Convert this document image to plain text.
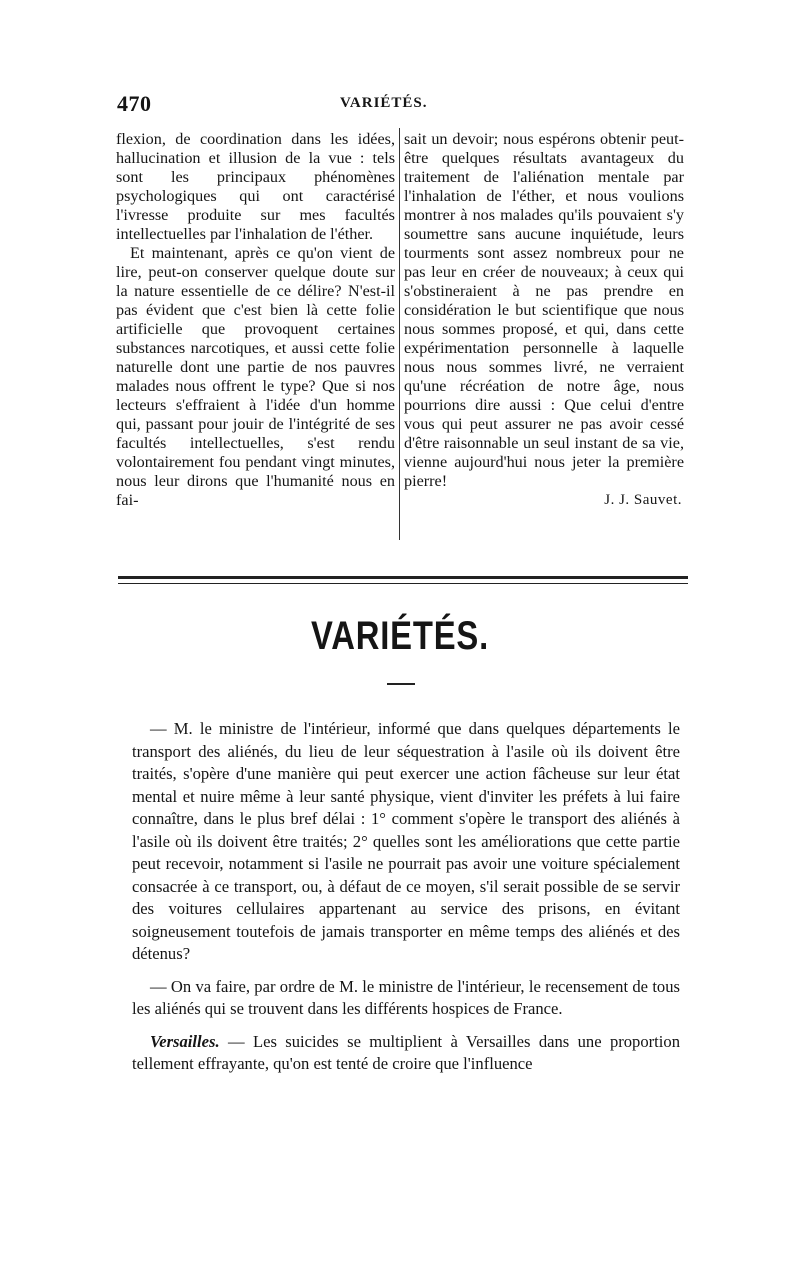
470	VARIÉTÉS.

flexion, de coordination dans les idées, hallucination et illusion de la vue : tels sont les principaux phénomènes psychologiques qui ont caractérisé l'ivresse produite sur mes facultés intellectuelles par l'inhalation de l'éther.

Et maintenant, après ce qu'on vient de lire, peut-on conserver quelque doute sur la nature essentielle de ce délire? N'est-il pas évident que c'est bien là cette folie artificielle que provoquent certaines substances narcotiques, et aussi cette folie naturelle dont une partie de nos pauvres malades nous offrent le type? Que si nos lecteurs s'effraient à l'idée d'un homme qui, passant pour jouir de l'intégrité de ses facultés intellectuelles, s'est rendu volontairement fou pendant vingt minutes, nous leur dirons que l'humanité nous en fai-

sait un devoir; nous espérons obtenir peut-être quelques résultats avantageux du traitement de l'aliénation mentale par l'inhalation de l'éther, et nous voulions montrer à nos malades qu'ils pouvaient s'y soumettre sans aucune inquiétude, leurs tourments sont assez nombreux pour ne pas leur en créer de nouveaux; à ceux qui s'obstineraient à ne pas prendre en considération le but scientifique que nous nous sommes proposé, et qui, dans cette expérimentation personnelle à laquelle nous nous sommes livré, ne verraient qu'une récréation de notre âge, nous pourrions dire aussi : Que celui d'entre vous qui peut assurer ne pas avoir cessé d'être raisonnable un seul instant de sa vie, vienne aujourd'hui nous jeter la première pierre!

J. J. Sauvet.
VARIÉTÉS.

— M. le ministre de l'intérieur, informé que dans quelques départements le transport des aliénés, du lieu de leur séquestration à l'asile où ils doivent être traités, s'opère d'une manière qui peut exercer une action fâcheuse sur leur état mental et nuire même à leur santé physique, vient d'inviter les préfets à lui faire connaître, dans le plus bref délai : 1° comment s'opère le transport des aliénés à l'asile où ils doivent être traités; 2° quelles sont les améliorations que cette partie peut recevoir, notamment si l'asile ne pourrait pas avoir une voiture spécialement consacrée à ce transport, ou, à défaut de ce moyen, s'il serait possible de se servir des voitures cellulaires appartenant au service des prisons, en évitant soigneusement toutefois de jamais transporter en même temps des aliénés et des détenus?

— On va faire, par ordre de M. le ministre de l'intérieur, le recensement de tous les aliénés qui se trouvent dans les différents hospices de France.

Versailles. — Les suicides se multiplient à Versailles dans une proportion tellement effrayante, qu'on est tenté de croire que l'influence
